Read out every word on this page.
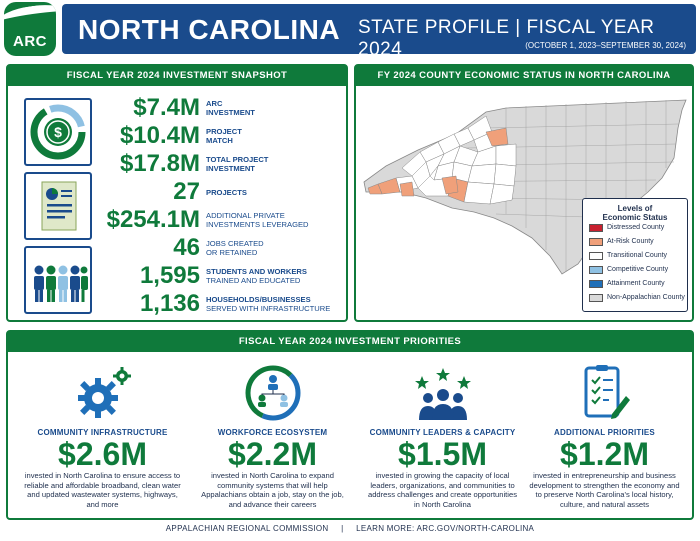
ARC	NORTH CAROLINA STATE PROFILE | FISCAL YEAR 2024	(OCTOBER 1, 2023–SEPTEMBER 30, 2024)
FISCAL YEAR 2024 INVESTMENT SNAPSHOT
$
$7.4M ARC
INVESTMENT
$10.4M PROJECT
MATCH
$17.8M TOTAL PROJECT
INVESTMENT
27 PROJECTS
$254.1M ADDITIONAL PRIVATE
INVESTMENTS LEVERAGED
46 JOBS CREATED
OR RETAINED
1,595 STUDENTS AND WORKERS
TRAINED AND EDUCATED
1,136 HOUSEHOLDS/BUSINESSES
SERVED WITH INFRASTRUCTURE
FY 2024 COUNTY ECONOMIC STATUS IN NORTH CAROLINA
Levels of
Economic Status
Distressed County
At-Risk County
Transitional County
Competitive County
Attainment County
Non-Appalachian County
FISCAL YEAR 2024 INVESTMENT PRIORITIES
COMMUNITY INFRASTRUCTURE
$2.6M
invested in North Carolina to ensure access to reliable and affordable broadband, clean water and updated wastewater systems, highways, and more
WORKFORCE ECOSYSTEM
$2.2M
invested in North Carolina to expand community systems that will help Appalachians obtain a job, stay on the job, and advance their careers
COMMUNITY LEADERS & CAPACITY
$1.5M
invested in growing the capacity of local leaders, organizations, and communities to address challenges and create opportunities in North Carolina
ADDITIONAL PRIORITIES
$1.2M
invested in entrepreneurship and business development to strengthen the economy and to preserve North Carolina's local history, culture, and natural assets
APPALACHIAN REGIONAL COMMISSION | LEARN MORE: ARC.GOV/NORTH-CAROLINA
